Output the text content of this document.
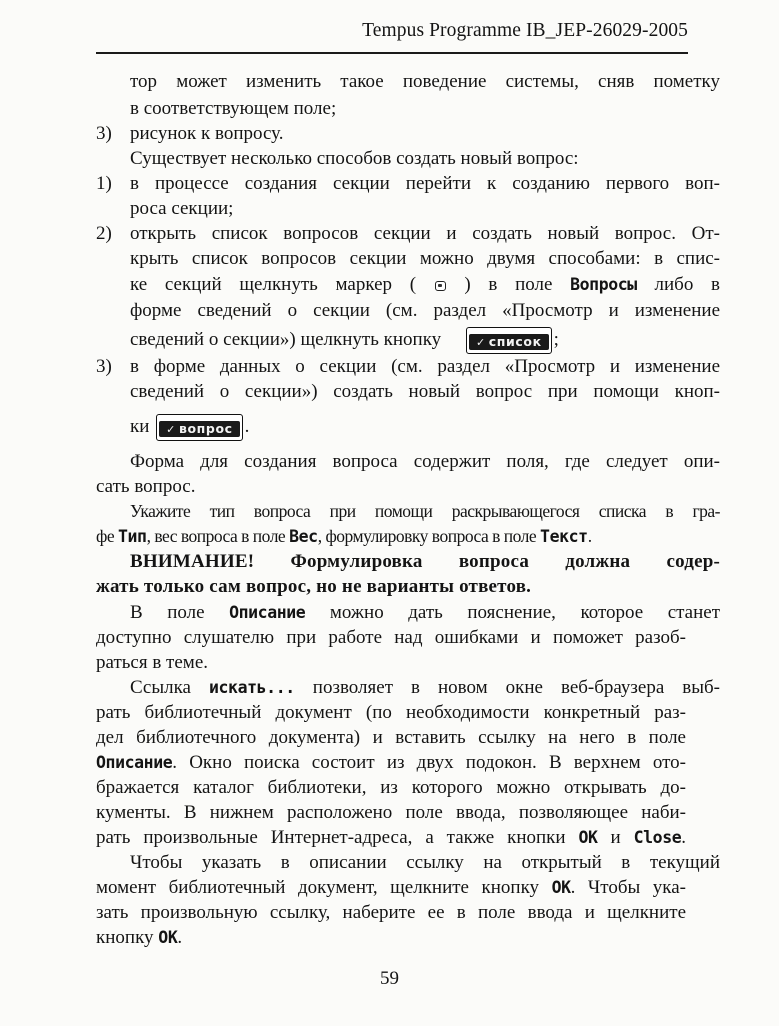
Tempus Programme IB_JEP-26029-2005
тор может изменить такое поведение системы, сняв пометку
в соответствующем поле;
3) рисунок к вопросу.
Существует несколько способов создать новый вопрос:
1) в процессе создания секции перейти к созданию первого воп-
роса секции;
2) открыть список вопросов секции и создать новый вопрос. От-
крыть список вопросов секции можно двумя способами: в спис-
ке секций щелкнуть маркер (	) в поле Вопросы либо в
форме сведений о секции (см. раздел «Просмотр и изменение
сведений о секции») щелкнуть кнопку	✓ список ;
3) в форме данных о секции (см. раздел «Просмотр и изменение
сведений о секции») создать новый вопрос при помощи кноп-
ки ✓ вопрос .
Форма для создания вопроса содержит поля, где следует опи-
сать вопрос.
Укажите тип вопроса при помощи раскрывающегося списка в гра-
фе Тип, вес вопроса в поле Вес, формулировку вопроса в поле Текст.
ВНИМАНИЕ! Формулировка вопроса должна содер-
жать только сам вопрос, но не варианты ответов.
В поле Описание можно дать пояснение, которое станет
доступно слушателю при работе над ошибками и поможет разоб-
раться в теме.
Ссылка искать... позволяет в новом окне веб-браузера выб-
рать библиотечный документ (по необходимости конкретный раз-
дел библиотечного документа) и вставить ссылку на него в поле
Описание. Окно поиска состоит из двух подокон. В верхнем ото-
бражается каталог библиотеки, из которого можно открывать до-
кументы. В нижнем расположено поле ввода, позволяющее наби-
рать произвольные Интернет-адреса, а также кнопки OK и Close.
Чтобы указать в описании ссылку на открытый в текущий
момент библиотечный документ, щелкните кнопку OK. Чтобы ука-
зать произвольную ссылку, наберите ее в поле ввода и щелкните
кнопку OK.
59
